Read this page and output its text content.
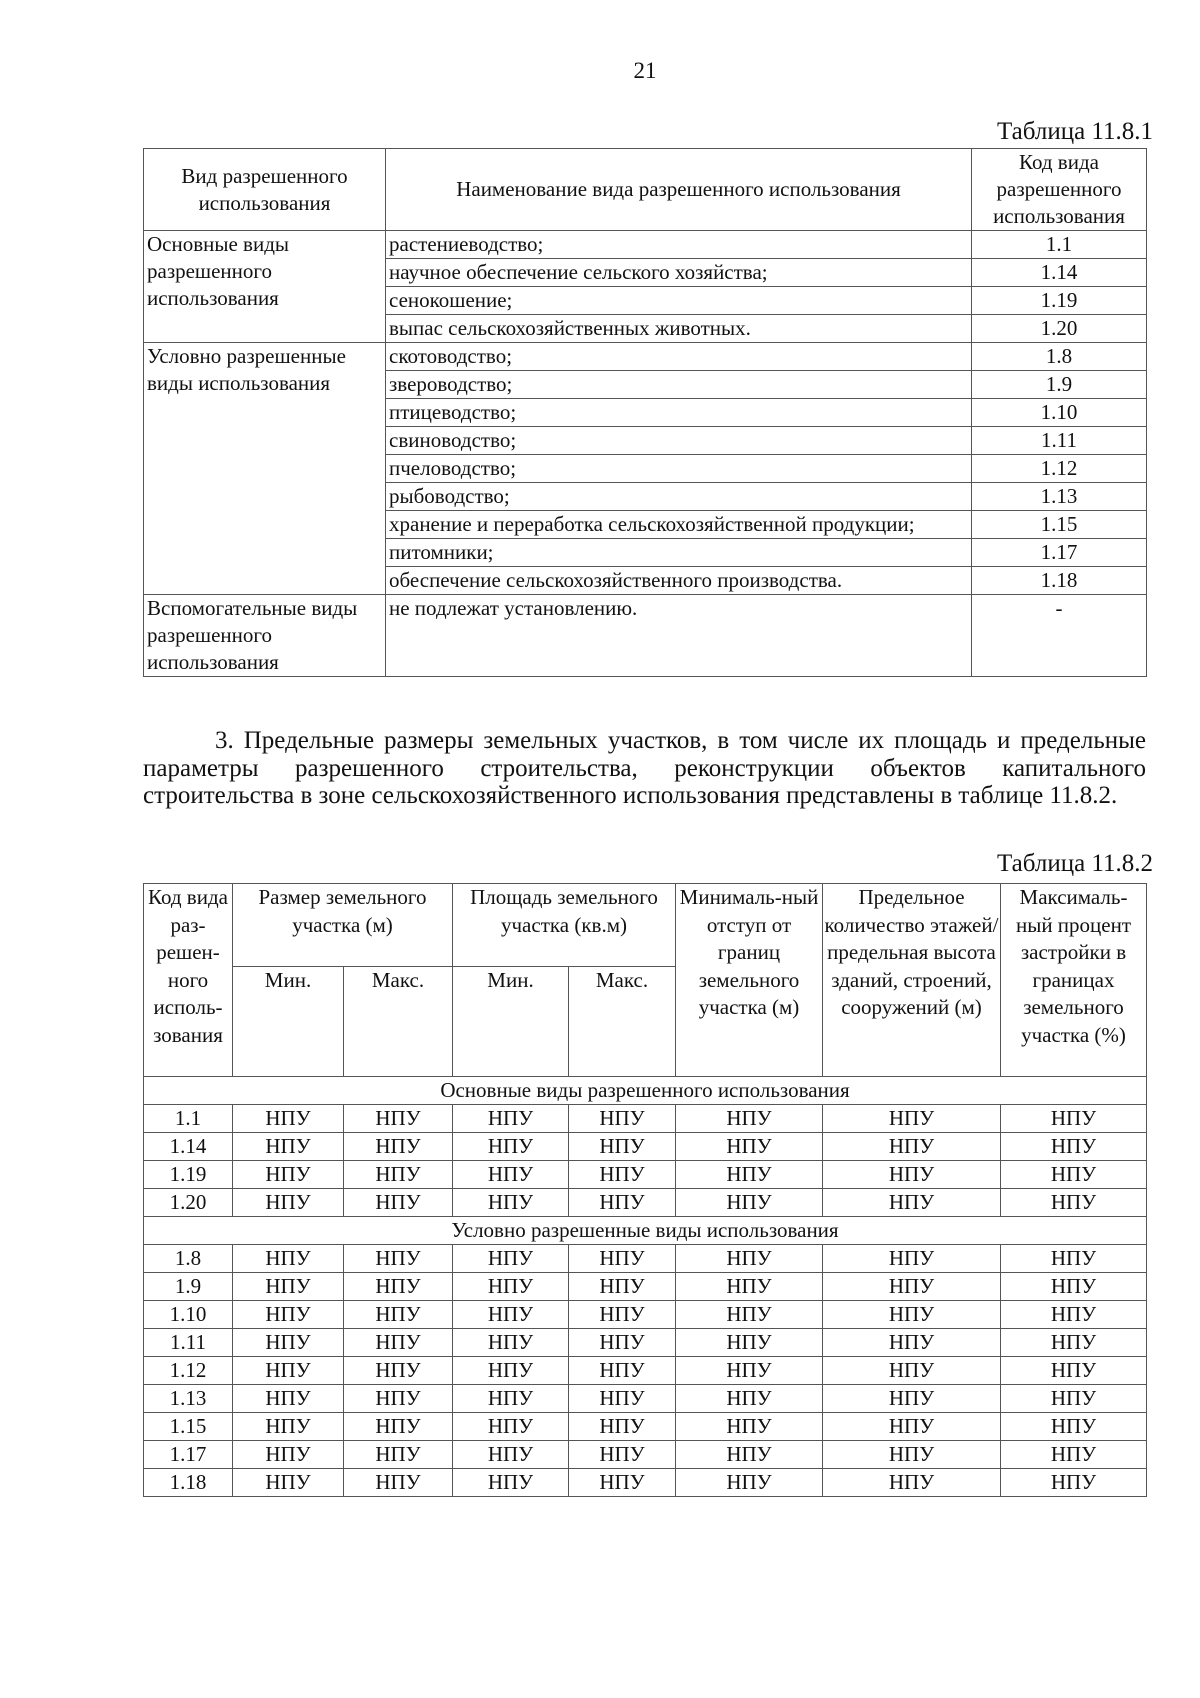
21
Таблица 11.8.1
Вид разрешенного использования	Наименование вида разрешенного использования	Код вида разрешенного использования
Основные виды разрешенного использования	растениеводство;	1.1
	научное обеспечение сельского хозяйства;	1.14
	сенокошение;	1.19
	выпас сельскохозяйственных животных.	1.20
Условно разрешенные виды использования	скотоводство;	1.8
	звероводство;	1.9
	птицеводство;	1.10
	свиноводство;	1.11
	пчеловодство;	1.12
	рыбоводство;	1.13
	хранение и переработка сельскохозяйственной продукции;	1.15
	питомники;	1.17
	обеспечение сельскохозяйственного производства.	1.18
Вспомогательные виды разрешенного использования	не подлежат установлению.	-

3. Предельные размеры земельных участков, в том числе их площадь и предельные параметры разрешенного строительства, реконструкции объектов капитального строительства в зоне сельскохозяйственного использования представлены в таблице 11.8.2.

Таблица 11.8.2
Код вида раз-решен-ного исполь-зования	Размер земельного участка (м)		Площадь земельного участка (кв.м)		Минималь-ный отступ от границ земельного участка (м)	Предельное количество этажей/ предельная высота зданий, строений, сооружений (м)	Максималь-ный процент застройки в границах земельного участка (%)
	Мин.	Макс.	Мин.	Макс.			
Основные виды разрешенного использования							
1.1	НПУ	НПУ	НПУ	НПУ	НПУ	НПУ	НПУ
1.14	НПУ	НПУ	НПУ	НПУ	НПУ	НПУ	НПУ
1.19	НПУ	НПУ	НПУ	НПУ	НПУ	НПУ	НПУ
1.20	НПУ	НПУ	НПУ	НПУ	НПУ	НПУ	НПУ
Условно разрешенные виды использования							
1.8	НПУ	НПУ	НПУ	НПУ	НПУ	НПУ	НПУ
1.9	НПУ	НПУ	НПУ	НПУ	НПУ	НПУ	НПУ
1.10	НПУ	НПУ	НПУ	НПУ	НПУ	НПУ	НПУ
1.11	НПУ	НПУ	НПУ	НПУ	НПУ	НПУ	НПУ
1.12	НПУ	НПУ	НПУ	НПУ	НПУ	НПУ	НПУ
1.13	НПУ	НПУ	НПУ	НПУ	НПУ	НПУ	НПУ
1.15	НПУ	НПУ	НПУ	НПУ	НПУ	НПУ	НПУ
1.17	НПУ	НПУ	НПУ	НПУ	НПУ	НПУ	НПУ
1.18	НПУ	НПУ	НПУ	НПУ	НПУ	НПУ	НПУ
